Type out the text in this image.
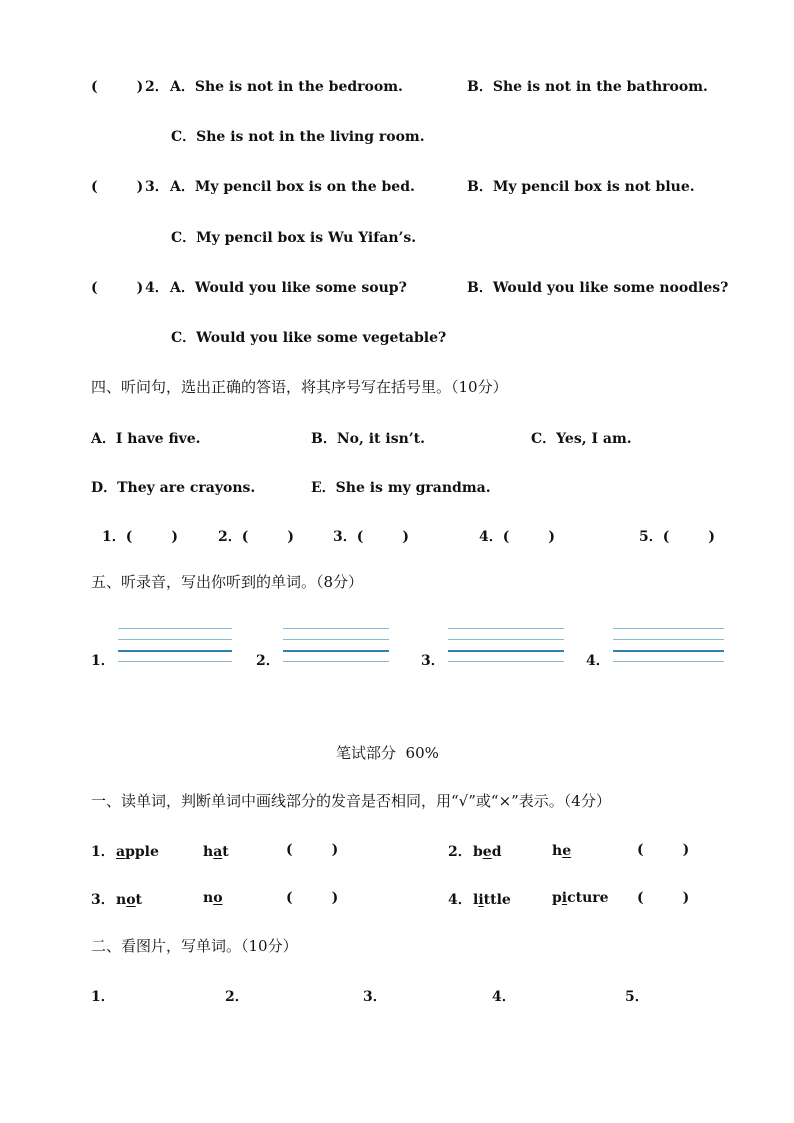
(        ) 2． A．She is not in the bedroom.	B．She is not in the bathroom.
C．She is not in the living room.
(        ) 3． A．My pencil box is on the bed.	B．My pencil box is not blue.
C．My pencil box is Wu Yifan’s.
(        ) 4． A．Would you like some soup?	B．Would you like some noodles?
C．Would you like some vegetable?
四、听问句，选出正确的答语，将其序号写在括号里。（10分）
A．I have five.	B．No, it isn’t.	C．Yes, I am.
D．They are crayons.	E．She is my grandma.
1．(        )	2．(        )	3．(        )	4．(        )	5．(        )
五、听录音，写出你听到的单词。（8分）
1．	2．	3．	4．
笔试部分  60%
一、读单词，判断单词中画线部分的发音是否相同，用“√”或“×”表示。（4分）
1． apple	hat	(        )	2． bed	he	(        )
3． not	no	(        )	4． little	picture (        )
二、看图片，写单词。（10分）
1．	2．	3．	4．	5．
